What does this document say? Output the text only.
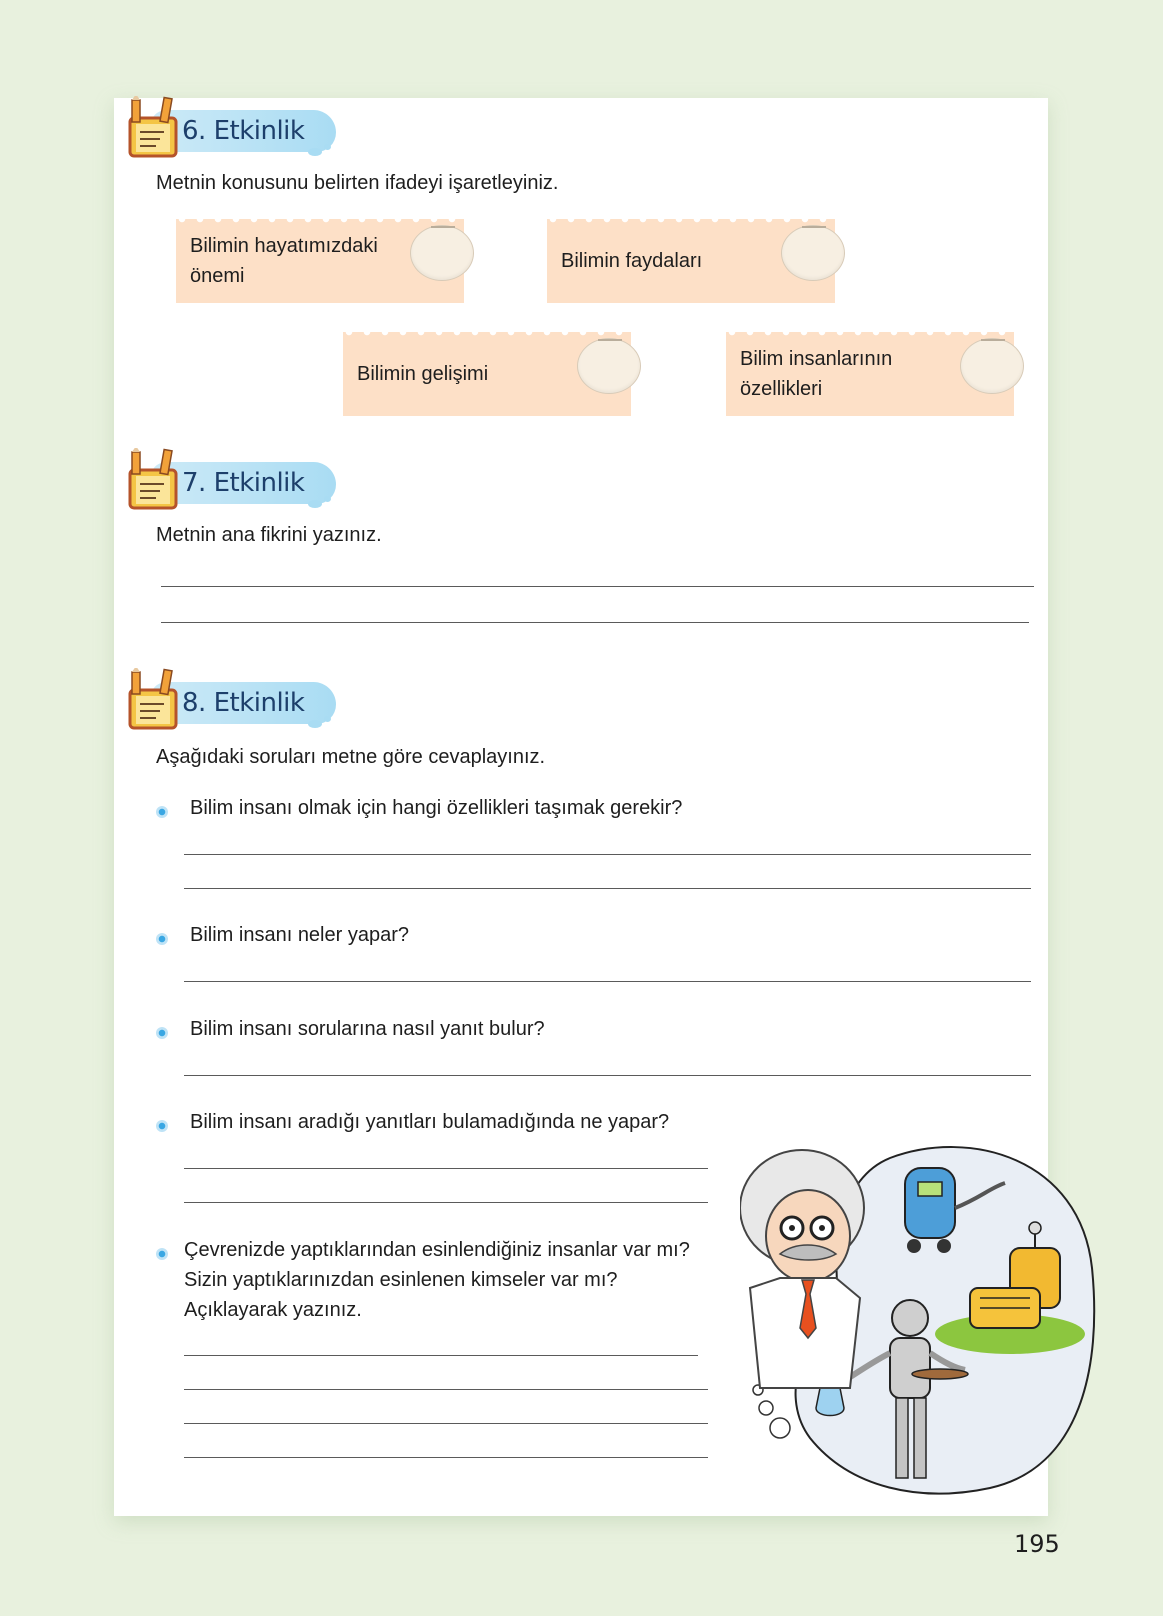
6. Etkinlik
Metnin konusunu belirten ifadeyi işaretleyiniz.
Bilimin hayatımızdaki önemi
Bilimin faydaları
Bilimin gelişimi
Bilim insanlarının özellikleri
7. Etkinlik
Metnin ana fikrini yazınız.
8. Etkinlik
Aşağıdaki soruları metne göre cevaplayınız.
Bilim insanı olmak için hangi özellikleri taşımak gerekir?
Bilim insanı neler yapar?
Bilim insanı sorularına nasıl yanıt bulur?
Bilim insanı aradığı yanıtları bulamadığında ne yapar?
Çevrenizde yaptıklarından esinlendiğiniz insanlar var mı? Sizin yaptıklarınızdan esinlenen kimseler var mı? Açıklayarak yazınız.
195
